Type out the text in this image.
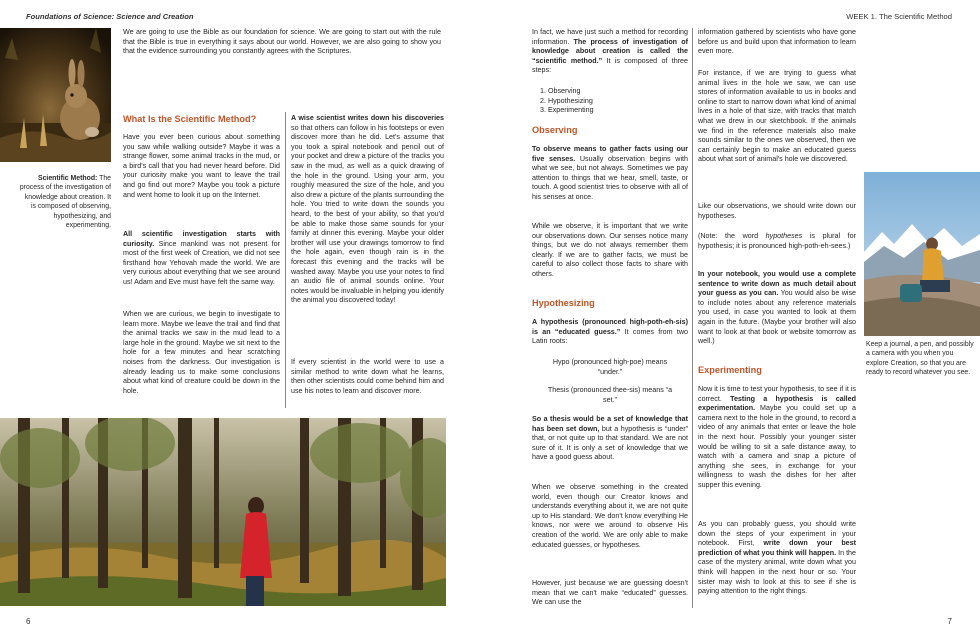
Foundations of Science: Science and Creation
We are going to use the Bible as our foundation for science. We are going to start out with the rule that the Bible is true in everything it says about our world. However, we are also going to show you that the evidence surrounding you constantly agrees with the Scriptures.
Scientific Method: The process of the investigation of knowledge about creation. It is composed of observing, hypothesizing, and experimenting.
What Is the Scientific Method?
Have you ever been curious about something you saw while walking outside? Maybe it was a strange flower, some animal tracks in the mud, or a bird's call that you had never heard before. Did your curiosity make you want to leave the trail and go find out more? Maybe you took a picture and went home to look it up on the Internet.
All scientific investigation starts with curiosity. Since mankind was not present for most of the first week of Creation, we did not see firsthand how Yehovah made the world. We are very curious about everything that we see around us! Adam and Eve must have felt the same way.
When we are curious, we begin to investigate to learn more. Maybe we leave the trail and find that the animal tracks we saw in the mud lead to a large hole in the ground. Maybe we sit next to the hole for a few minutes and hear scratching noises from the darkness. Our investigation is already leading us to make some conclusions about what kind of creature could be down in the hole.
A wise scientist writes down his discoveries so that others can follow in his footsteps or even discover more than he did. Let's assume that you took a spiral notebook and pencil out of your pocket and drew a picture of the tracks you saw in the mud, as well as a quick drawing of the hole in the ground. Using your arm, you roughly measured the size of the hole, and you also drew a picture of the plants surrounding the hole. You tried to write down the sounds you heard, to the best of your ability, so that you'd be able to make those same sounds for your family at dinner this evening. Maybe your older brother will use your drawings tomorrow to find the hole again, even though rain is in the forecast this evening and the tracks will be washed away. Maybe you use your notes to find an audio file of animal sounds online. Your notes would be invaluable in helping you identify the animal you discovered today!
If every scientist in the world were to use a similar method to write down what he learns, then other scientists could come behind him and use his notes to learn and discover more.
6
WEEK 1. The Scientific Method
In fact, we have just such a method for recording information. The process of investigation of knowledge about creation is called the “scientific method.” It is composed of three steps:
1. Observing
2. Hypothesizing
3. Experimenting
Observing
To observe means to gather facts using our five senses. Usually observation begins with what we see, but not always. Sometimes we pay attention to things that we hear, smell, taste, or touch. A good scientist tries to observe with all of his senses at once.
While we observe, it is important that we write our observations down. Our senses notice many things, but we do not always remember them clearly. If we are to gather facts, we must be careful to also collect those facts to share with others.
Hypothesizing
A hypothesis (pronounced high-poth-eh-sis) is an “educated guess.” It comes from two Latin roots:
Hypo (pronounced high-poe) means “under.”
Thesis (pronounced thee-sis) means “a set.”
So a thesis would be a set of knowledge that has been set down, but a hypothesis is “under” that, or not quite up to that standard. We are not sure of it. It is only a set of knowledge that we have a good guess about.
When we observe something in the created world, even though our Creator knows and understands everything about it, we are not quite up to His standard. We don't know everything He knows, nor were we around to observe His creation of the world. We are only able to make educated guesses, or hypotheses.
However, just because we are guessing doesn't mean that we can't make “educated” guesses. We can use the
information gathered by scientists who have gone before us and build upon that information to learn even more.
For instance, if we are trying to guess what animal lives in the hole we saw, we can use stores of information available to us in books and online to start to narrow down what kind of animal lives in a hole of that size, with tracks that match what we drew in our sketchbook. If the animals we find in the reference materials also make sounds similar to the ones we observed, then we can certainly begin to make an educated guess about what sort of animal's hole we discovered.
Like our observations, we should write down our hypotheses.
(Note: the word hypotheses is plural for hypothesis; it is pronounced high-poth-eh-sees.)
In your notebook, you would use a complete sentence to write down as much detail about your guess as you can. You would also be wise to include notes about any reference materials you used, in case you wanted to look at them again in the future. (Maybe your brother will also want to look at that book or website tomorrow as well.)
Experimenting
Now it is time to test your hypothesis, to see if it is correct. Testing a hypothesis is called experimentation. Maybe you could set up a camera next to the hole in the ground, to record a video of any animals that enter or leave the hole in the next hour. Possibly your younger sister would be willing to sit a safe distance away, to watch with a camera and snap a picture of anything she sees, in exchange for your willingness to wash the dishes for her after supper this evening.
As you can probably guess, you should write down the steps of your experiment in your notebook. First, write down your best prediction of what you think will happen. In the case of the mystery animal, write down what you think will happen in the next hour or so. Your sister may wish to look at this to see if she is paying attention to the right things.
Keep a journal, a pen, and possibly a camera with you when you explore Creation, so that you are ready to record whatever you see.
7
